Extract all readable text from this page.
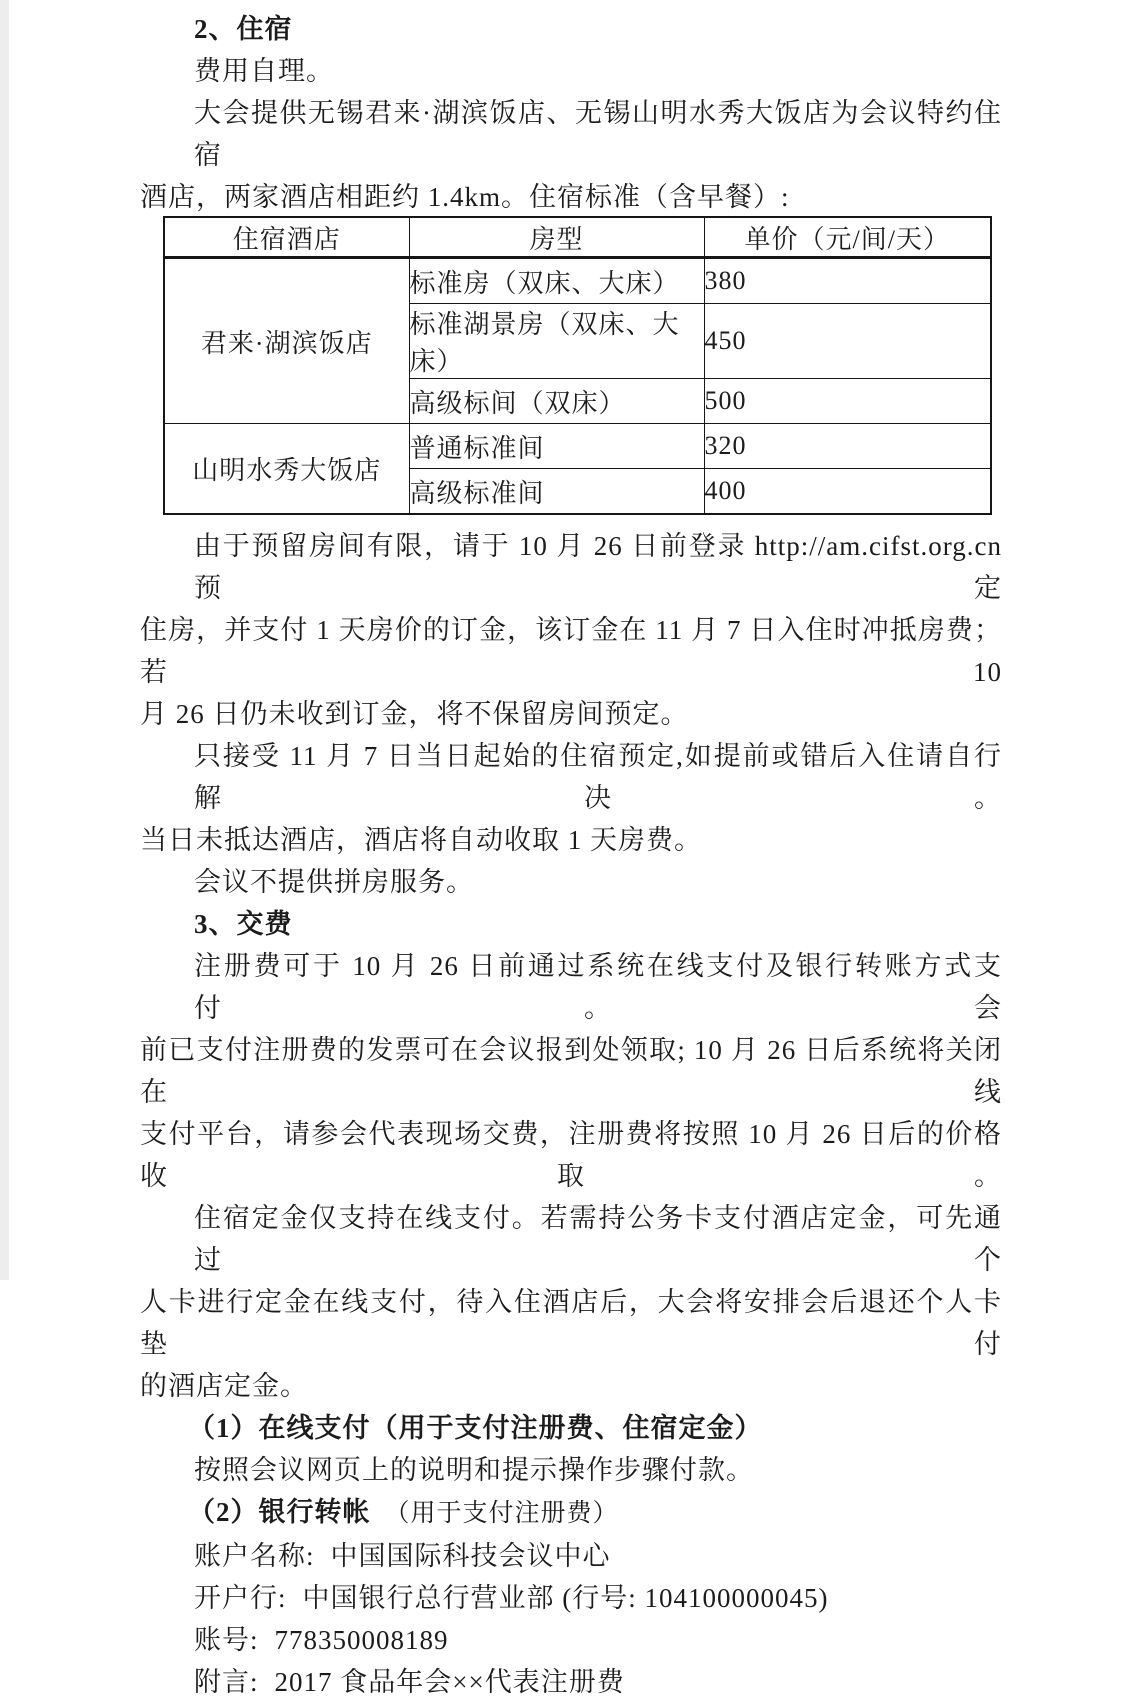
2、住宿
费用自理。
大会提供无锡君来·湖滨饭店、无锡山明水秀大饭店为会议特约住宿
酒店，两家酒店相距约 1.4km。住宿标准（含早餐）:
住宿酒店	房型	单价（元/间/天）
君来·湖滨饭店	标准房（双床、大床）	380
	标准湖景房（双床、大床）	450
	高级标间（双床）	500
山明水秀大饭店	普通标准间	320
	高级标准间	400
由于预留房间有限，请于 10 月 26 日前登录 http://am.cifst.org.cn 预定
住房，并支付 1 天房价的订金，该订金在 11 月 7 日入住时冲抵房费；若 10
月 26 日仍未收到订金，将不保留房间预定。
只接受 11 月 7 日当日起始的住宿预定,如提前或错后入住请自行解决。
当日未抵达酒店，酒店将自动收取 1 天房费。
会议不提供拼房服务。
3、交费
注册费可于 10 月 26 日前通过系统在线支付及银行转账方式支付。会
前已支付注册费的发票可在会议报到处领取; 10 月 26 日后系统将关闭在线
支付平台，请参会代表现场交费，注册费将按照 10 月 26 日后的价格收取。
住宿定金仅支持在线支付。若需持公务卡支付酒店定金，可先通过个
人卡进行定金在线支付，待入住酒店后，大会将安排会后退还个人卡垫付
的酒店定金。
（1）在线支付（用于支付注册费、住宿定金）
按照会议网页上的说明和提示操作步骤付款。
（2）银行转帐 （用于支付注册费）
账户名称: 中国国际科技会议中心
开户行: 中国银行总行营业部 (行号: 104100000045)
账号: 778350008189
附言: 2017 食品年会××代表注册费
